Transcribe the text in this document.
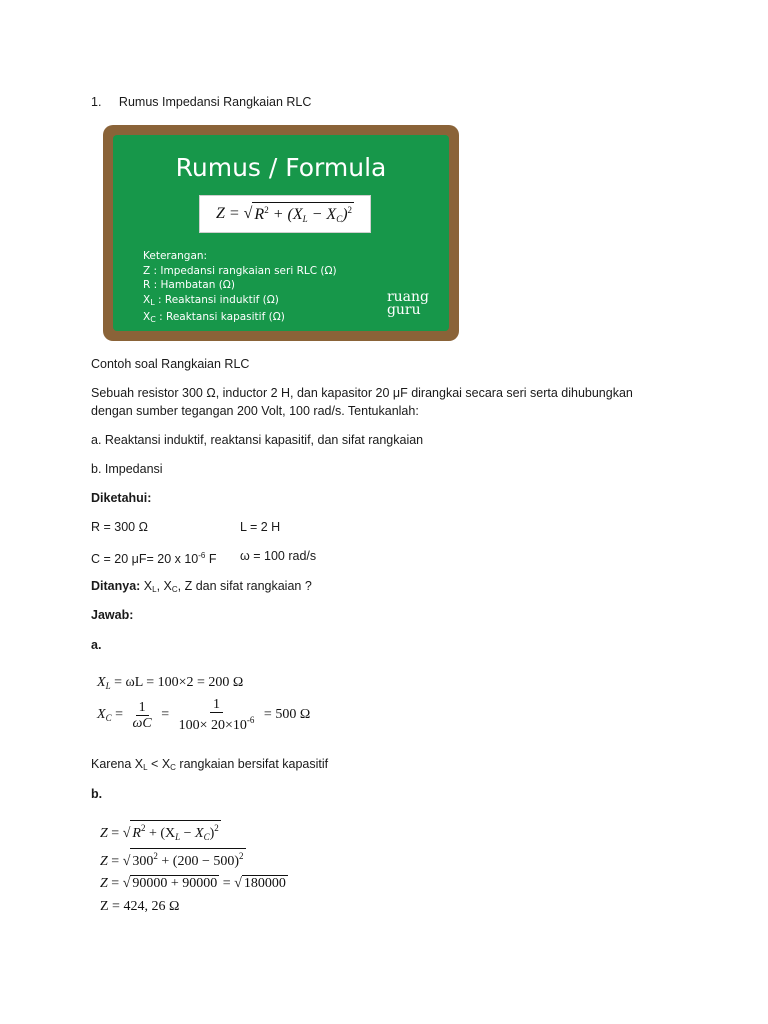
1. Rumus Impedansi Rangkaian RLC
Rumus / Formula
Z = √ $R^2 + (XL - XC)^2$
Keterangan:
Z : Impedansi rangkaian seri RLC (Ω)
R : Hambatan (Ω)
$X_L$ : Reaktansi induktif (Ω)
$X_C$ : Reaktansi kapasitif (Ω)
ruang
guru
Contoh soal Rangkaian RLC
Sebuah resistor 300 Ω, inductor 2 H, dan kapasitor 20 μF dirangkai secara seri serta dihubungkan dengan sumber tegangan 200 Volt, 100 rad/s. Tentukanlah:
a. Reaktansi induktif, reaktansi kapasitif, dan sifat rangkaian
b. Impedansi
Diketahui:
R = 300 Ω	L = 2 H
C = 20 μF= 20 x $10^{-6}$ F ω = 100 rad/s
Ditanya: $X_L$, $X_C$, Z dan sifat rangkaian ?
Jawab:
a.
$X_L = \omega L = 100\times 2 = 200$ Ω
$X_C = \frac{1}{\omega C} = \frac{1}{100\times 20\times 10^{-6}} = 500$ Ω
Karena $X_L < X_C$ rangkaian bersifat kapasitif
b.
Z = √ $R^2 + (X_L - X_C)^2$
Z = √ $300^2 + (200 - 500)^2$
Z = √ 90000 + 90000 = √ 180000
Z = 424, 26 Ω
